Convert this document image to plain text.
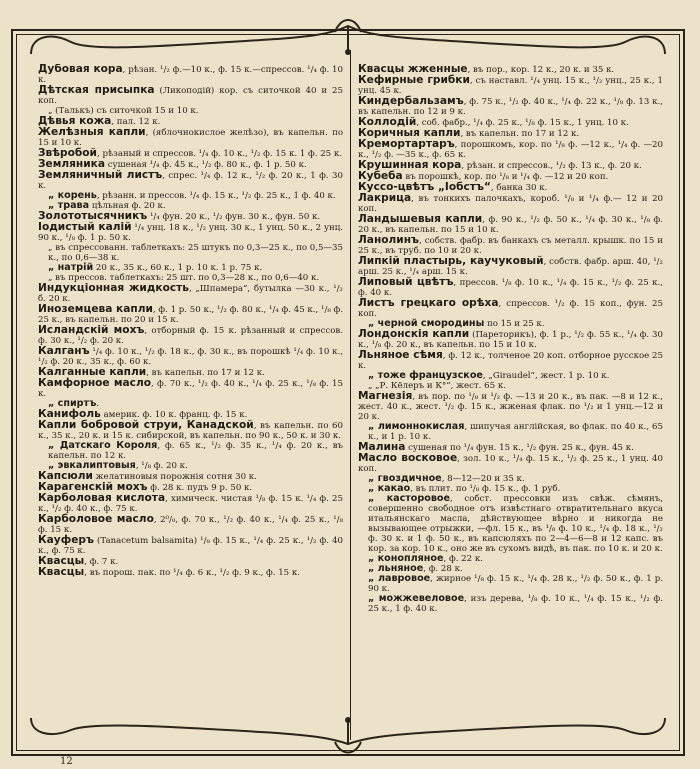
Дубовая кора, рѣзан. ¹/₂ ф.—10 к., ф. 15 к.—спрессов. ¹/₄ ф. 10 к.

Дѣтская присыпка (Ликоподій) кор. съ ситочкой 40 и 25 коп.

„ (Талькъ) съ ситочкой 15 и 10 к.

Дѣвья кожа, пал. 12 к.

Желѣзныя капли, (яблочнокислое желѣзо), въ капельн. по 15 и 10 к.

Звѣробой, рѣзаный и спрессов. ¹/₄ ф. 10 к., ¹/₂ ф. 15 к. 1 ф. 25 к.

Земляника сушеная ¹/₄ ф. 45 к., ¹/₂ ф. 80 к., ф. 1 р. 50 к.

Земляничный листъ, спрес. ¹/₄ ф. 12 к., ¹/₂ ф. 20 к., 1 ф. 30 к.

„ корень, рѣзанн. и прессов. ¹/₄ ф. 15 к., ¹/₂ ф. 25 к., 1 ф. 40 к.

„ трава цѣльная ф. 20 к.

Золототысячникъ ¹/₄ фун. 20 к., ¹/₂ фун. 30 к., фун. 50 к.

Іодистый калій ¹/₄ унц. 18 к., ¹/₂ унц. 30 к., 1 унц. 50 к., 2 унц. 90 к., ¹/₈ ф. 1 р. 50 к.

„ въ спрессованн. таблеткахъ: 25 штукъ по 0,3—25 к., по 0,5—35 к., по 0,6—38 к.

„ натрій 20 к., 35 к., 60 к., 1 р. 10 к. 1 р. 75 к.

„ въ прессов. таблеткахъ: 25 шт. по 0,3—28 к., по 0,6—40 к.

Индукціонная жидкость, „Шпамера“, бутылка —30 к., ¹/₂ б. 20 к.

Иноземцева капли, ф. 1 р. 50 к., ¹/₂ ф. 80 к., ¹/₄ ф. 45 к., ¹/₈ ф. 25 к., въ капельн. по 20 и 15 к.

Исландскій мохъ, отборный ф. 15 к. рѣзанный и спрессов. ф. 30 к., ¹/₂ ф. 20 к.

Калганъ ¹/₄ ф. 10 к., ¹/₂ ф. 18 к., ф. 30 к., въ порошкѣ ¹/₄ ф. 10 к., ¹/₂ ф. 20 к., 35 к., ф. 60 к.

Калганные капли, въ капельн. по 17 и 12 к.

Камфорное масло, ф. 70 к., ¹/₂ ф. 40 к., ¹/₄ ф. 25 к., ¹/₈ ф. 15 к.

„ спиртъ.

Канифоль америк. ф. 10 к. франц. ф. 15 к.

Капли бобровой струи, Канадской, въ капельн. по 60 к., 35 к., 20 к. и 15 к. сибирской, въ капельн. по 90 к., 50 к. и 30 к.

„ Датскаго Короля, ф. 65 к., ¹/₂ ф. 35 к., ¹/₄ ф. 20 к., въ капельн. по 12 к.

„ эвкалиптовыя, ¹/₈ ф. 20 к.

Капсюли желатиновыя порожнія сотня 30 к.

Карагенскій мохъ ф. 28 к. пудъ 9 р. 50 к.

Карболовая кислота, химическ. чистая ¹/₈ ф. 15 к. ¹/₄ ф. 25 к., ¹/₂ ф. 40 к., ф. 75 к.

Карболовое масло, 2⁰/₀, ф. 70 к., ¹/₂ ф. 40 к., ¹/₄ ф. 25 к., ¹/₈ ф. 15 к.

Кауферъ (Tanacetum balsamita) ¹/₈ ф. 15 к., ¹/₄ ф. 25 к., ¹/₂ ф. 40 к., ф. 75 к.

Квасцы, ф. 7 к.

Квасцы, въ порош. пак. по ¹/₄ ф. 6 к., ¹/₂ ф. 9 к., ф. 15 к.

Квасцы жженные, въ пор., кор. 12 к., 20 к. и 35 к.

Кефирные грибки, съ наставл. ¹/₄ унц. 15 к., ¹/₂ унц., 25 к., 1 унц. 45 к.

Киндербальзамъ, ф. 75 к., ¹/₂ ф. 40 к., ¹/₄ ф. 22 к., ¹/₈ ф. 13 к., въ капельн. по 12 и 9 к.

Коллодій, соб. фабр., ¹/₄ ф. 25 к., ¹/₈ ф. 15 к., 1 унц. 10 к.

Коричныя капли, въ капельн. по 17 и 12 к.

Кремортартаръ, порошкомъ, кор. по ¹/₈ ф. —12 к., ¹/₄ ф. —20 к., ¹/₂ ф. —35 к., ф. 65 к.

Крушинная кора, рѣзан. и спрессов., ¹/₂ ф. 13 к., ф. 20 к.

Кубеба въ порошкѣ, кор. по ¹/₈ и ¹/₄ ф. —12 и 20 коп.

Куссо-цвѣтъ „Іобстъ“, банка 30 к.

Лакрица, въ тонкихъ палочкахъ, короб. ¹/₈ и ¹/₄ ф.— 12 и 20 коп.

Ландышевыя капли, ф. 90 к., ¹/₂ ф. 50 к., ¹/₄ ф. 30 к., ¹/₈ ф. 20 к., въ капельн. по 15 и 10 к.

Ланолинъ, собств. фабр. въ банкахъ съ металл. крышк. по 15 и 25 к., въ труб. по 10 и 20 к.

Липкій пластырь, каучуковый, собств. фабр. арш. 40, ¹/₂ арш. 25 к., ¹/₄ арш. 15 к.

Липовый цвѣтъ, прессов. ¹/₈ ф. 10 к., ¹/₄ ф. 15 к., ¹/₂ ф. 25 к., ф. 40 к.

Листъ грецкаго орѣха, спрессов. ¹/₂ ф. 15 коп., фун. 25 коп.

„ черной смородины по 15 и 25 к.

Лондонскія капли (Пареторикъ), ф. 1 р., ¹/₂ ф. 55 к., ¹/₄ ф. 30 к., ¹/₈ ф. 20 к., въ капельн. по 15 и 10 к.

Льняное сѣмя, ф. 12 к., толченое 20 коп. отборное русское 25 к.

„ тоже французское, „Giraudel“, жест. 1 р. 10 к.

„ „Р. Кёлеръ и К°“, жест. 65 к.

Магнезія, въ пор. по ¹/₈ и ¹/₂ ф. —13 и 20 к., въ пак. —8 и 12 к., жест. 40 к., жест. ¹/₂ ф. 15 к., жженая флак. по ¹/₂ и 1 унц.—12 и 20 к.

„ лимоннокислая, шипучая англійская, во флак. по 40 к., 65 к., и 1 р. 10 к.

Малина сушеная по ¹/₄ фун. 15 к., ¹/₂ фун. 25 к., фун. 45 к.

Масло восковое, зол. 10 к., ¹/₄ ф. 15 к., ¹/₂ ф. 25 к., 1 унц. 40 коп.

„ гвоздичное, 8—12—20 и 35 к.

„ какао, въ плит. по ¹/₈ ф. 15 к., ф. 1 руб.

„ касторовое, собст. прессовки изъ свѣж. сѣмянъ, совершенно свободное отъ извѣстнаго отвратительнаго вкуса итальянскаго масла, дѣйствующее вѣрно и никогда не вызывающее отрыжки, —фл. 15 к., въ ¹/₈ ф. 10 к., ¹/₄ ф. 18 к., ¹/₂ ф. 30 к. и 1 ф. 50 к., въ капсюляхъ по 2—4—6—8 и 12 капс. въ кор. за кор. 10 к., оно же въ сухомъ видѣ, въ пак. по 10 к. и 20 к.

„ конопляное, ф. 22 к.

„ льняное, ф. 28 к.

„ лавровое, жирное ¹/₈ ф. 15 к., ¹/₄ ф. 28 к., ¹/₂ ф. 50 к., ф. 1 р. 90 к.

„ можжевеловое, изъ дерева, ¹/₈ ф. 10 к., ¹/₄ ф. 15 к., ¹/₂ ф. 25 к., 1 ф. 40 к.

12
